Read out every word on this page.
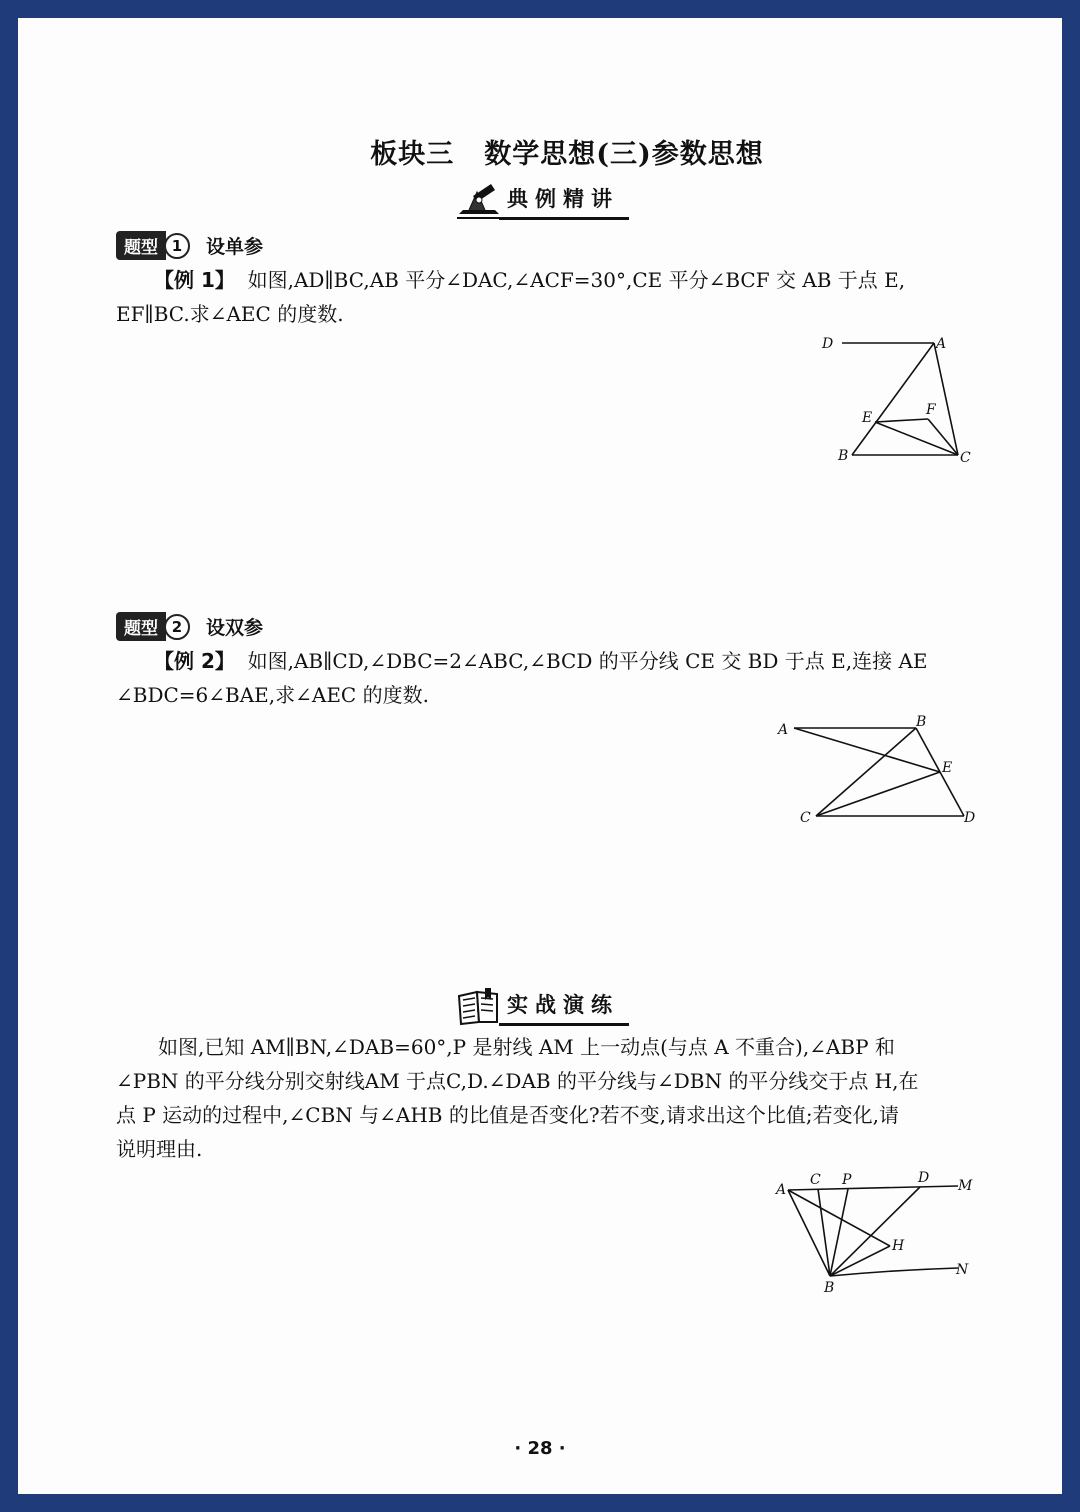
板块三 数学思想(三)参数思想
典例精讲
题型 1	设单参
【例 1】 如图,AD∥BC,AB 平分∠DAC,∠ACF=30°,CE 平分∠BCF 交 AB 于点 E,
EF∥BC.求∠AEC 的度数.
D	A
E	F
B	C
题型 2	设双参
【例 2】 如图,AB∥CD,∠DBC=2∠ABC,∠BCD 的平分线 CE 交 BD 于点 E,连接 AE
∠BDC=6∠BAE,求∠AEC 的度数.
A	B
E
C	D
实战演练
如图,已知 AM∥BN,∠DAB=60°,P 是射线 AM 上一动点(与点 A 不重合),∠ABP 和
∠PBN 的平分线分别交射线AM 于点C,D.∠DAB 的平分线与∠DBN 的平分线交于点 H,在
点 P 运动的过程中,∠CBN 与∠AHB 的比值是否变化?若不变,请求出这个比值;若变化,请
说明理由.
A
C P	D M
H
B
N
· 28 ·
